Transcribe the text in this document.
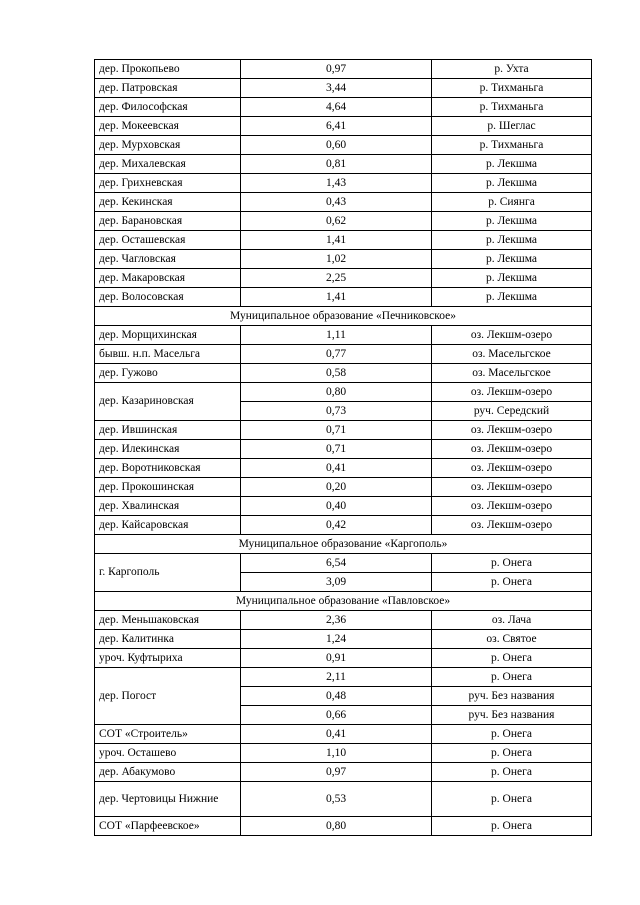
дер. Прокопьево	0,97	р. Ухта
дер. Патровская	3,44	р. Тихманьга
дер. Философская	4,64	р. Тихманьга
дер. Мокеевская	6,41	р. Шеглас
дер. Мурховская	0,60	р. Тихманьга
дер. Михалевская	0,81	р. Лекшма
дер. Грихневская	1,43	р. Лекшма
дер. Кекинская	0,43	р. Сиянга
дер. Барановская	0,62	р. Лекшма
дер. Осташевская	1,41	р. Лекшма
дер. Чагловская	1,02	р. Лекшма
дер. Макаровская	2,25	р. Лекшма
дер. Волосовская	1,41	р. Лекшма
Муниципальное образование «Печниковское»		
дер. Морщихинская	1,11	оз. Лекшм-озеро
бывш. н.п. Масельга	0,77	оз. Масельгское
дер. Гужово	0,58	оз. Масельгское
дер. Казариновская	0,80	оз. Лекшм-озеро
	0,73	руч. Середский
дер. Ившинская	0,71	оз. Лекшм-озеро
дер. Илекинская	0,71	оз. Лекшм-озеро
дер. Воротниковская	0,41	оз. Лекшм-озеро
дер. Прокошинская	0,20	оз. Лекшм-озеро
дер. Хвалинская	0,40	оз. Лекшм-озеро
дер. Кайсаровская	0,42	оз. Лекшм-озеро
Муниципальное образование «Каргополь»		
г. Каргополь	6,54	р. Онега
	3,09	р. Онега
Муниципальное образование «Павловское»		
дер. Меньшаковская	2,36	оз. Лача
дер. Калитинка	1,24	оз. Святое
уроч. Куфтыриха	0,91	р. Онега
дер. Погост	2,11	р. Онега
	0,48	руч. Без названия
	0,66	руч. Без названия
СОТ «Строитель»	0,41	р. Онега
уроч. Осташево	1,10	р. Онега
дер. Абакумово	0,97	р. Онега
дер. Чертовицы Нижние	0,53	р. Онега
СОТ «Парфеевское»	0,80	р. Онега
